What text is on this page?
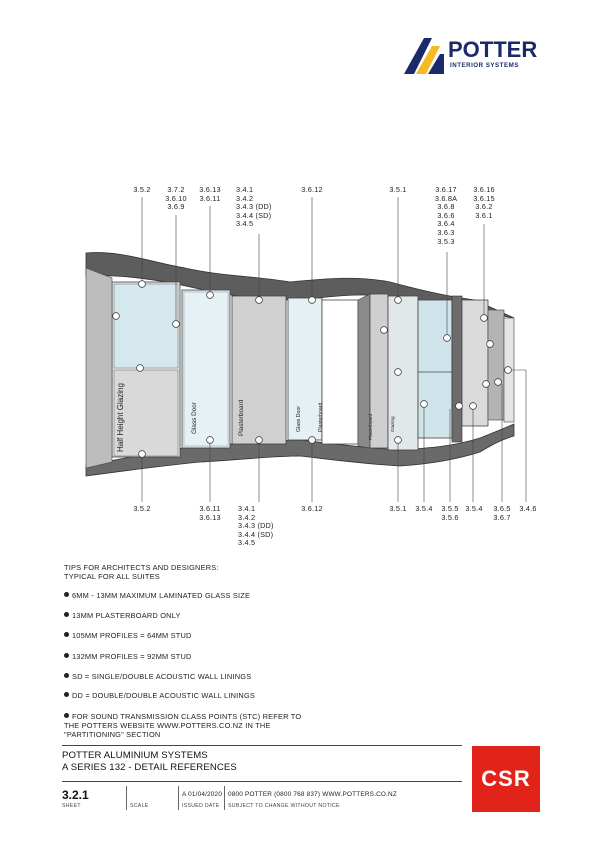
POTTER
INTERIOR SYSTEMS
Half Height Glazing	Glass Door	Plasterboard	Glass Door	Plasterboard	Plasterboard	Glazing
3.5.2	3.7.2
3.6.10
3.6.9
3.6.13
3.6.11
3.4.1
3.4.2
3.4.3 (DD)
3.4.4 (SD)
3.4.5
3.6.12	3.5.1	3.6.17
3.6.8A
3.6.8
3.6.6
3.6.4
3.6.3
3.5.3
3.6.16
3.6.15
3.6.2
3.6.1
3.5.2	3.6.11
3.6.13
3.4.1
3.4.2
3.4.3 (DD)
3.4.4 (SD)
3.4.5
3.6.12	3.5.1	3.5.4	3.5.5
3.5.6
3.5.4	3.6.5
3.6.7
3.4.6
TIPS FOR ARCHITECTS AND DESIGNERS:
TYPICAL FOR ALL SUITES
6MM - 13MM MAXIMUM LAMINATED GLASS SIZE
13MM PLASTERBOARD ONLY
105MM PROFILES = 64MM STUD
132MM PROFILES = 92MM STUD
SD = SINGLE/DOUBLE ACOUSTIC WALL LININGS
DD = DOUBLE/DOUBLE ACOUSTIC WALL LININGS
FOR SOUND TRANSMISSION CLASS POINTS (STC) REFER TO
THE POTTERS WEBSITE WWW.POTTERS.CO.NZ IN THE
"PARTITIONING" SECTION
POTTER ALUMINIUM SYSTEMS
A SERIES 132 - DETAIL REFERENCES
3.2.1
SHEET	SCALE
A 01/04/2020
ISSUED DATE
0800 POTTER (0800 768 837) WWW.POTTERS.CO.NZ
SUBJECT TO CHANGE WITHOUT NOTICE
CSR
